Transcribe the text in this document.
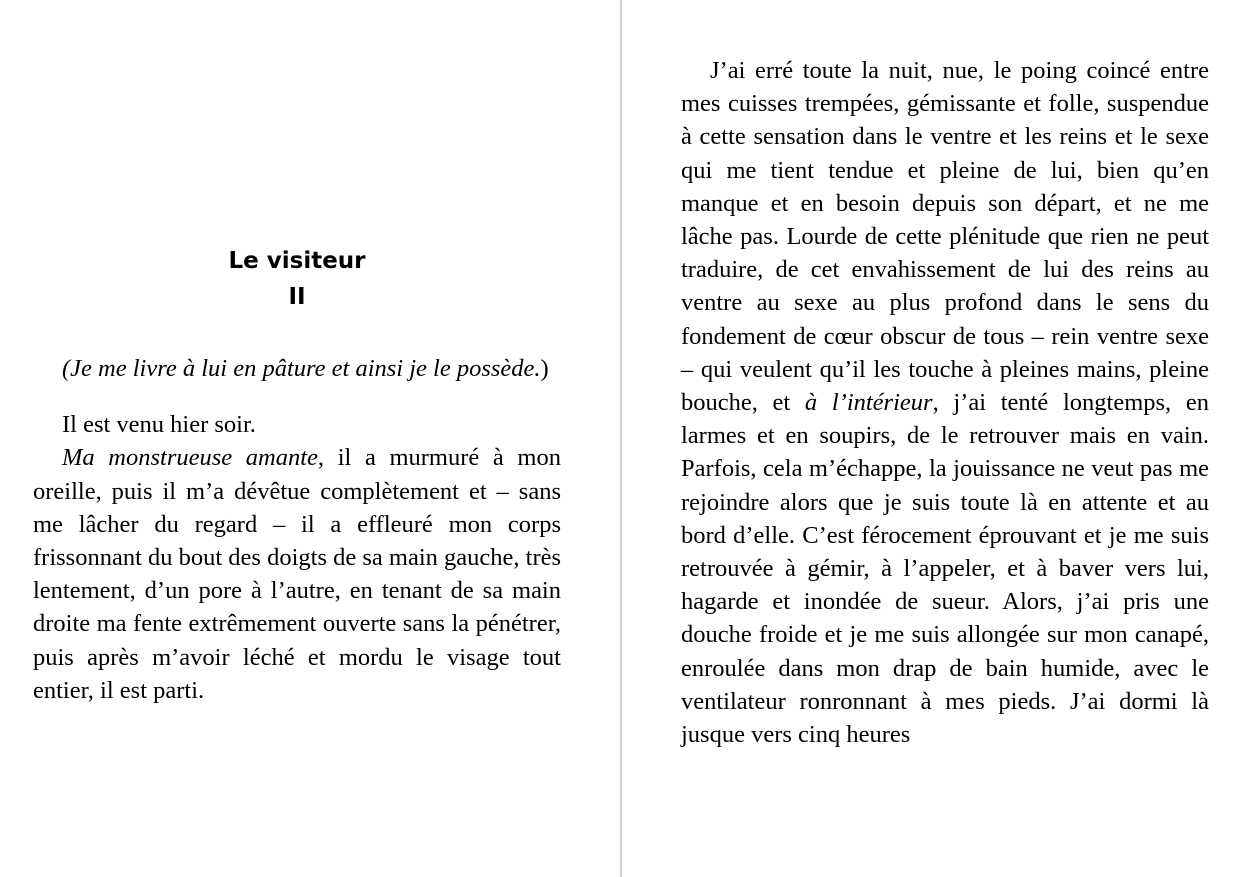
Le visiteur
II

(Je me livre à lui en pâture et ainsi je le possède.)

Il est venu hier soir.

Ma monstrueuse amante, il a murmuré à mon oreille, puis il m’a dévêtue complètement et – sans me lâcher du regard – il a effleuré mon corps frissonnant du bout des doigts de sa main gauche, très lentement, d’un pore à l’autre, en tenant de sa main droite ma fente extrêmement ouverte sans la pénétrer, puis après m’avoir léché et mordu le visage tout entier, il est parti.

J’ai erré toute la nuit, nue, le poing coincé entre mes cuisses trempées, gémissante et folle, suspendue à cette sensation dans le ventre et les reins et le sexe qui me tient tendue et pleine de lui, bien qu’en manque et en besoin depuis son départ, et ne me lâche pas. Lourde de cette plénitude que rien ne peut traduire, de cet envahissement de lui des reins au ventre au sexe au plus profond dans le sens du fondement de cœur obscur de tous – rein ventre sexe – qui veulent qu’il les touche à pleines mains, pleine bouche, et à l’intérieur, j’ai tenté longtemps, en larmes et en soupirs, de le retrouver mais en vain. Parfois, cela m’échappe, la jouissance ne veut pas me rejoindre alors que je suis toute là en attente et au bord d’elle. C’est férocement éprouvant et je me suis retrouvée à gémir, à l’appeler, et à baver vers lui, hagarde et inondée de sueur. Alors, j’ai pris une douche froide et je me suis allongée sur mon canapé, enroulée dans mon drap de bain humide, avec le ventilateur ronronnant à mes pieds. J’ai dormi là jusque vers cinq heures
